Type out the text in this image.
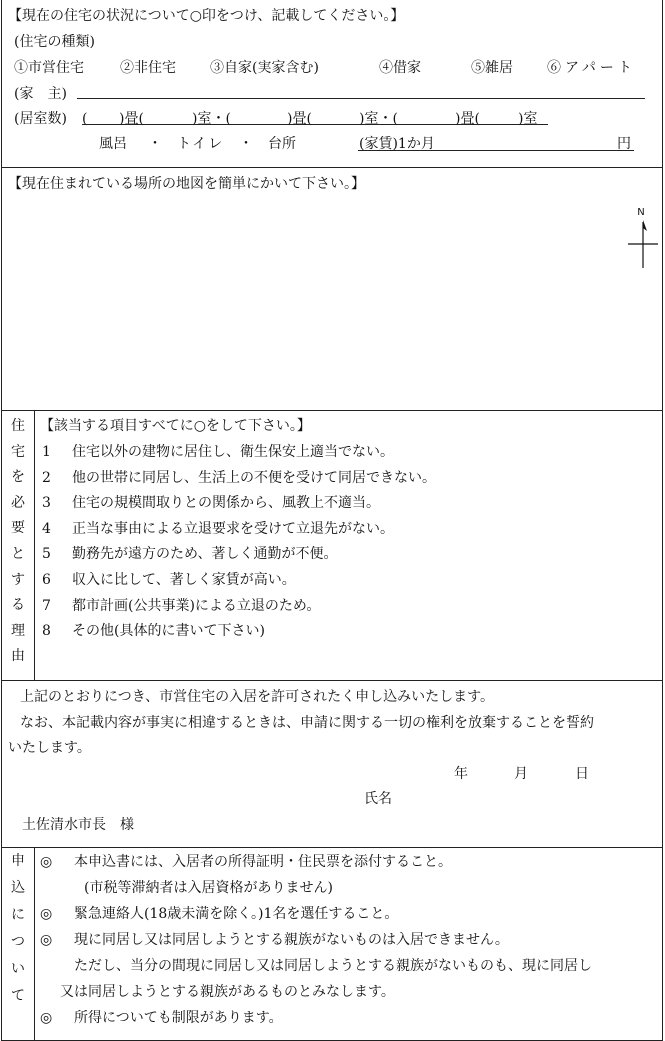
【現在の住宅の状況について○印をつけ、記載してください。】
(住宅の種類)
①市営住宅	②非住宅 ③自家(実家含む)	④借家	⑤雑居 ⑥アパート
(家　主)
(居室数) ( )畳(	)室・(	)畳(	)室・(	)畳(	)室
風呂 ・ トイレ ・ 台所	(家賃)1か月	円
【現在住まれている場所の地図を簡単にかいて下さい。】
N
住
宅
を
必
要
と
す
る
理
由
【該当する項目すべてに○をして下さい。】
1 住宅以外の建物に居住し、衛生保安上適当でない。
2 他の世帯に同居し、生活上の不便を受けて同居できない。
3 住宅の規模間取りとの関係から、風教上不適当。
4 正当な事由による立退要求を受けて立退先がない。
5 勤務先が遠方のため、著しく通勤が不便。
6 収入に比して、著しく家賃が高い。
7 都市計画(公共事業)による立退のため。
8 その他(具体的に書いて下さい)
上記のとおりにつき、市営住宅の入居を許可されたく申し込みいたします。
なお、本記載内容が事実に相違するときは、申請に関する一切の権利を放棄することを誓約
いたします。
年	月	日
氏名
土佐清水市長　様
申
込
に
つ
い
て
◎ 本申込書には、入居者の所得証明・住民票を添付すること。
(市税等滞納者は入居資格がありません)
◎ 緊急連絡人(18歳未満を除く。)1名を選任すること。
◎ 現に同居し又は同居しようとする親族がないものは入居できません。
ただし、当分の間現に同居し又は同居しようとする親族がないものも、現に同居し
又は同居しようとする親族があるものとみなします。
◎ 所得についても制限があります。
